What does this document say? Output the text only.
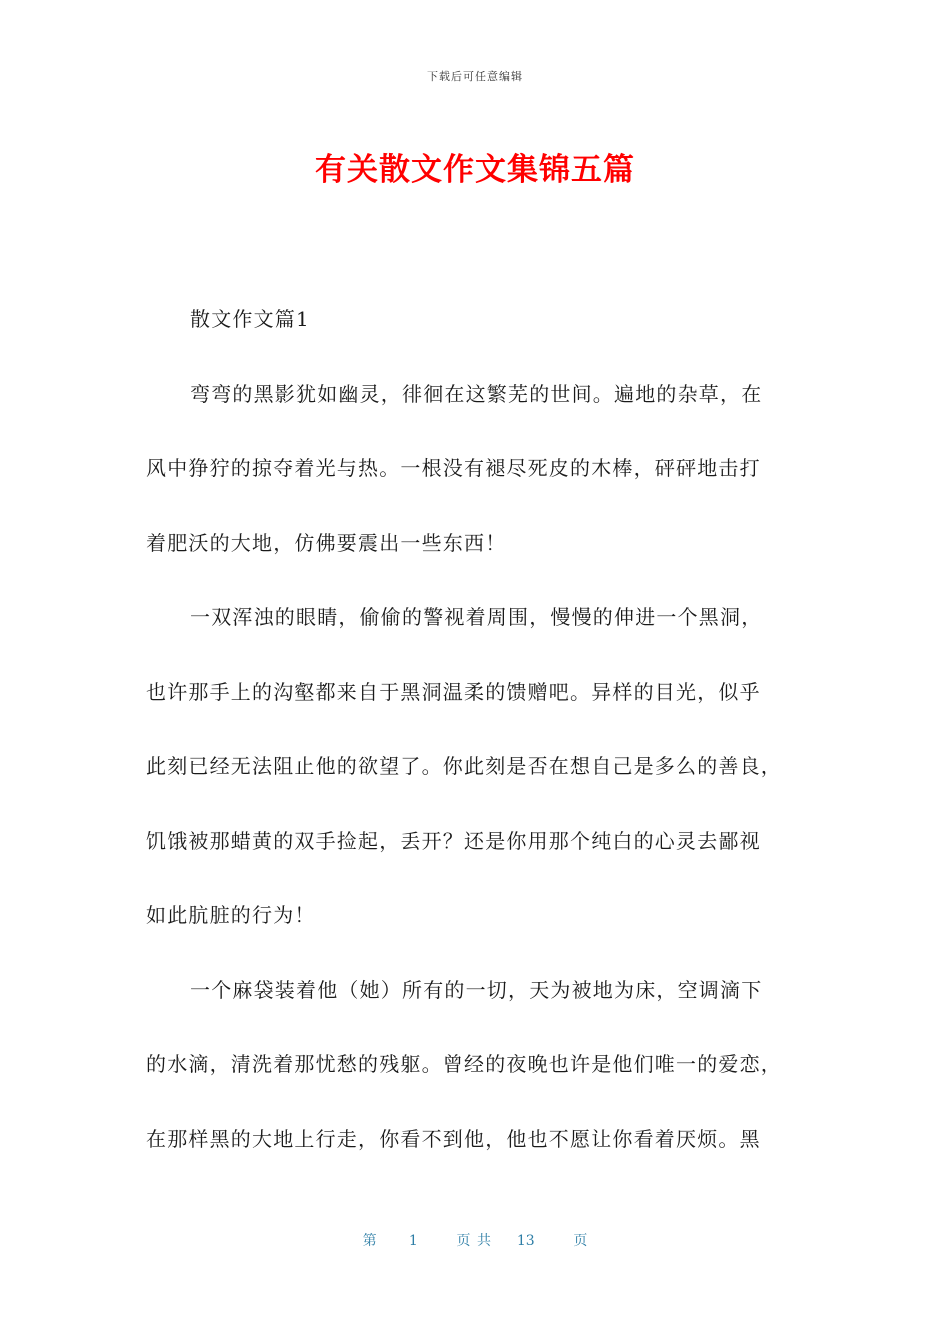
下载后可任意编辑
有关散文作文集锦五篇
散文作文篇1
弯弯的黑影犹如幽灵，徘徊在这繁芜的世间。遍地的杂草，在
风中狰狞的掠夺着光与热。一根没有褪尽死皮的木棒，砰砰地击打
着肥沃的大地，仿佛要震出一些东西！
一双浑浊的眼睛，偷偷的警视着周围，慢慢的伸进一个黑洞，
也许那手上的沟壑都来自于黑洞温柔的馈赠吧。异样的目光，似乎
此刻已经无法阻止他的欲望了。你此刻是否在想自己是多么的善良，
饥饿被那蜡黄的双手捡起，丢开？还是你用那个纯白的心灵去鄙视
如此肮脏的行为！
一个麻袋装着他（她）所有的一切，天为被地为床，空调滴下
的水滴，清洗着那忧愁的残躯。曾经的夜晚也许是他们唯一的爱恋，
在那样黑的大地上行走，你看不到他，他也不愿让你看着厌烦。黑
第 1	页 共 13	页
